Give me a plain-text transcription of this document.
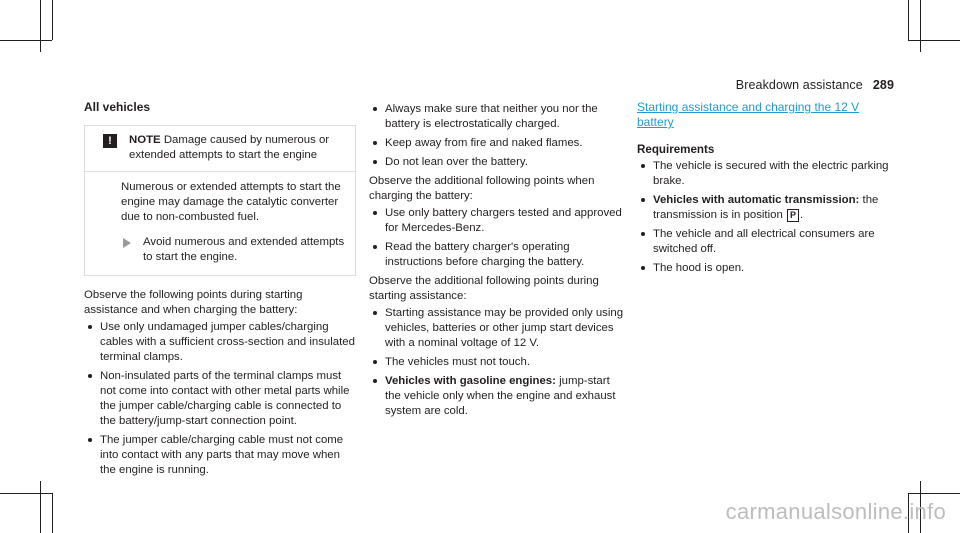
Breakdown assistance 289
All vehicles
!	NOTE Damage caused by numerous or extended attempts to start the engine

Numerous or extended attempts to start the engine may damage the catalytic converter due to non-combusted fuel.

Avoid numerous and extended attempts to start the engine.

Observe the following points during starting assistance and when charging the battery:

Use only undamaged jumper cables/charging cables with a sufficient cross-section and insulated terminal clamps.
Non-insulated parts of the terminal clamps must not come into contact with other metal parts while the jumper cable/charging cable is connected to the battery/jump-start connection point.
The jumper cable/charging cable must not come into contact with any parts that may move when the engine is running.
Always make sure that neither you nor the battery is electrostatically charged.
Keep away from fire and naked flames.
Do not lean over the battery.

Observe the additional following points when charging the battery:

Use only battery chargers tested and approved for Mercedes-Benz.
Read the battery charger's operating instructions before charging the battery.

Observe the additional following points during starting assistance:

Starting assistance may be provided only using vehicles, batteries or other jump start devices with a nominal voltage of 12 V.
The vehicles must not touch.
Vehicles with gasoline engines: jump-start the vehicle only when the engine and exhaust system are cold.
Starting assistance and charging the 12 V battery
Requirements
The vehicle is secured with the electric parking brake.
Vehicles with automatic transmission: the transmission is in position P .
The vehicle and all electrical consumers are switched off.
The hood is open.
carmanualsonline.info
